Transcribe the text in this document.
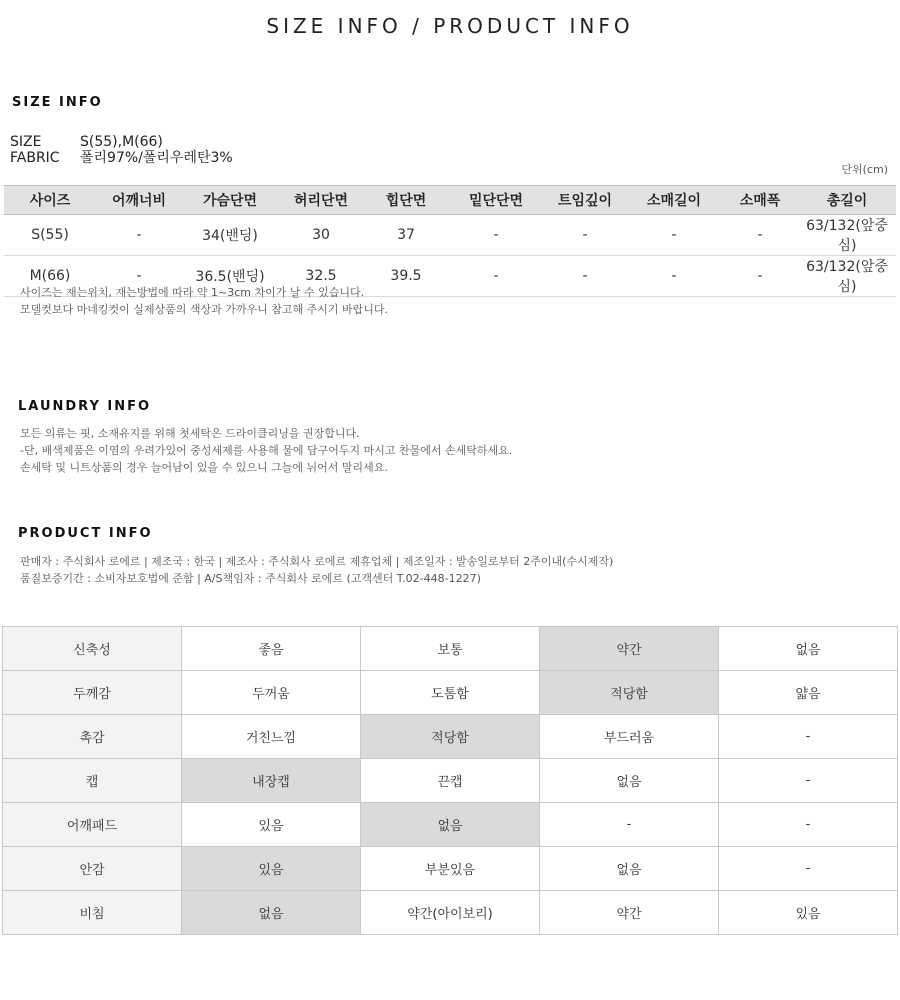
SIZE INFO / PRODUCT INFO
SIZE INFO
SIZE	S(55),M(66)
FABRIC 폴리97%/폴리우레탄3%
단위(cm)
사이즈	어깨너비	가슴단면	허리단면	힙단면	밑단단면	트임깊이	소매길이	소매폭	총길이
S(55)	-	34(밴딩)	30	37	-	-	-	-	63/132(앞중심)
M(66)	-	36.5(밴딩)	32.5	39.5	-	-	-	-	63/132(앞중심)
사이즈는 재는위치, 재는방법에 따라 약 1~3cm 차이가 날 수 있습니다.
모델컷보다 마네킹컷이 실제상품의 색상과 가까우니 참고해 주시기 바랍니다.
LAUNDRY INFO
모든 의류는 핏, 소재유지를 위해 첫세탁은 드라이클리닝을 권장합니다.
-단, 배색제품은 이염의 우려가있어 중성세제를 사용해 물에 담구어두지 마시고 찬물에서 손세탁하세요.
손세탁 및 니트상품의 경우 늘어남이 있을 수 있으니 그늘에 뉘어서 말리세요.
PRODUCT INFO
판매자 : 주식회사 로에르 | 제조국 : 한국 | 제조사 : 주식회사 로에르 제휴업체 | 제조일자 : 발송일로부터 2주이내(수시제작)
품질보증기간 : 소비자보호법에 준함 | A/S책임자 : 주식회사 로에르 (고객센터 T.02-448-1227)
신축성	좋음	보통	약간	없음
두께감	두꺼움	도톰함	적당함	얇음
촉감	거친느낌	적당함	부드러움	-
캡	내장캡	끈캡	없음	-
어깨패드	있음	없음	-	-
안감	있음	부분있음	없음	-
비침	없음	약간(아이보리)	약간	있음
